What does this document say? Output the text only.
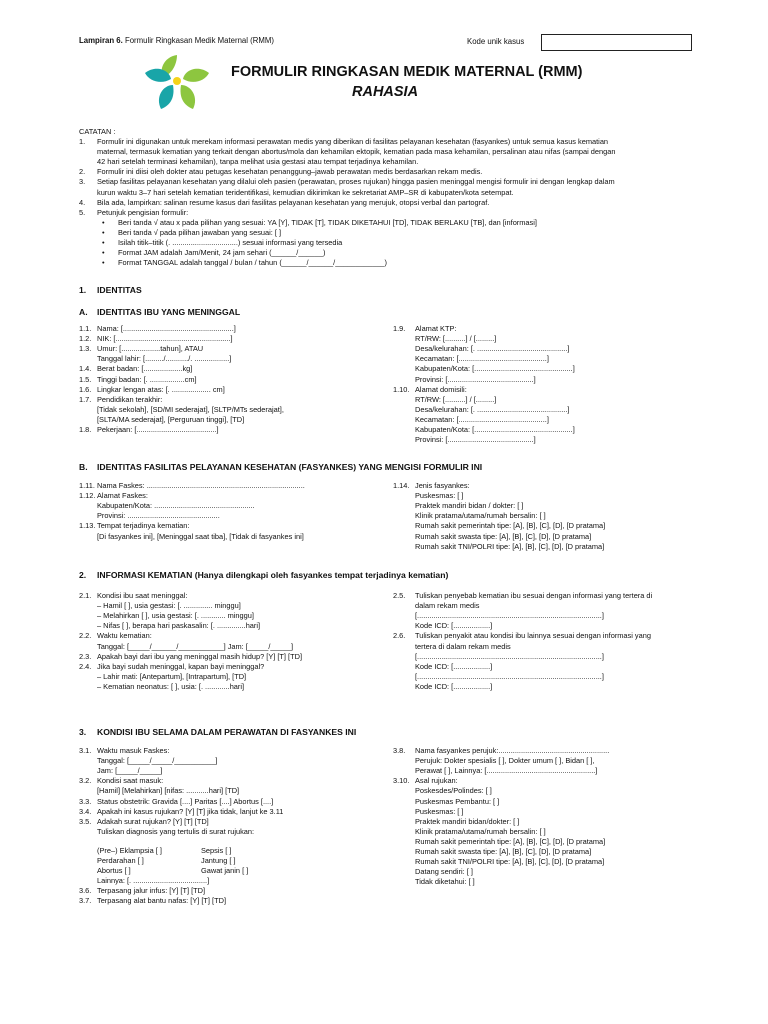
Lampiran 6. Formulir Ringkasan Medik Maternal (RMM)	Kode unik kasus
FORMULIR RINGKASAN MEDIK MATERNAL (RMM)
RAHASIA
CATATAN :
1. Formulir ini digunakan untuk merekam informasi perawatan medis yang diberikan di fasilitas pelayanan kesehatan (fasyankes) untuk semua kasus kematian
maternal, termasuk kematian yang terkait dengan abortus/mola dan kehamilan ektopik, kematian pada masa kehamilan, persalinan atau nifas (sampai dengan
42 hari setelah terminasi kehamilan), tanpa melihat usia gestasi atau tempat terjadinya kehamilan.
2. Formulir ini diisi oleh dokter atau petugas kesehatan penanggung–jawab perawatan medis berdasarkan rekam medis.
3. Setiap fasilitas pelayanan kesehatan yang dilalui oleh pasien (perawatan, proses rujukan) hingga pasien meninggal mengisi formulir ini dengan lengkap dalam
kurun waktu 3–7 hari setelah kematian teridentifikasi, kemudian dikirimkan ke sekretariat AMP–SR di kabupaten/kota setempat.
4. Bila ada, lampirkan: salinan resume kasus dari fasilitas pelayanan kesehatan yang merujuk, otopsi verbal dan partograf.
5. Petunjuk pengisian formulir:
• Beri tanda √ atau x pada pilihan yang sesuai: YA [Y], TIDAK [T], TIDAK DIKETAHUI [TD], TIDAK BERLAKU [TB], dan [informasi]
• Beri tanda √ pada pilihan jawaban yang sesuai: [ ]
• Isilah titik–titik (. ................................) sesuai informasi yang tersedia
• Format JAM adalah Jam/Menit, 24 jam sehari (______/______)
• Format TANGGAL adalah tanggal / bulan / tahun (______/______/____________)
1. IDENTITAS
A. IDENTITAS IBU YANG MENINGGAL
1.1. Nama: [......................................................]
1.2. NIK: [........................................................]
1.3. Umur: [...................tahun], ATAU
Tanggal lahir: [........./.........../. .................]
1.4. Berat badan: [...................kg]
1.5. Tinggi badan: [. .................cm]
1.6. Lingkar lengan atas: [. ................... cm]
1.7. Pendidikan terakhir:
[Tidak sekolah], [SD/MI sederajat], [SLTP/MTs sederajat],
[SLTA/MA sederajat], [Perguruan tinggi], [TD]
1.8. Pekerjaan: [.......................................]
1.9. Alamat KTP:
RT/RW: [..........] / [.........]
Desa/kelurahan: [. ............................................]
Kecamatan: [...........................................]
Kabupaten/Kota: [................................................]
Provinsi: [..........................................]
1.10. Alamat domisili:
RT/RW: [..........] / [.........]
Desa/kelurahan: [. ............................................]
Kecamatan: [...........................................]
Kabupaten/Kota: [................................................]
Provinsi: [..........................................]
B. IDENTITAS FASILITAS PELAYANAN KESEHATAN (FASYANKES) YANG MENGISI FORMULIR INI
1.11. Nama Faskes: .............................................................................
1.12. Alamat Faskes:
Kabupaten/Kota: .................................................
Provinsi: .............................................
1.13. Tempat terjadinya kematian:
[Di fasyankes ini], [Meninggal saat tiba], [Tidak di fasyankes ini]
1.14. Jenis fasyankes:
Puskesmas: [ ]
Praktek mandiri bidan / dokter: [ ]
Klinik pratama/utama/rumah bersalin: [ ]
Rumah sakit pemerintah tipe: [A], [B], [C], [D], [D pratama]
Rumah sakit swasta tipe: [A], [B], [C], [D], [D pratama]
Rumah sakit TNI/POLRI tipe: [A], [B], [C], [D], [D pratama]
2. INFORMASI KEMATIAN (Hanya dilengkapi oleh fasyankes tempat terjadinya kematian)
2.1. Kondisi ibu saat meninggal:
– Hamil [ ], usia gestasi: [. .............. minggu]
– Melahirkan [ ], usia gestasi: [. ............ minggu]
– Nifas [ ], berapa hari paskasalin: [. ..............hari]
2.2. Waktu kematian:
Tanggal: [_____/______/___________] Jam: [_____/_____]
2.3. Apakah bayi dari ibu yang meninggal masih hidup? [Y] [T] [TD]
2.4. Jika bayi sudah meninggal, kapan bayi meninggal?
– Lahir mati: [Antepartum], [Intrapartum], [TD]
– Kematian neonatus: [ ], usia: [. ............hari]
2.5. Tuliskan penyebab kematian ibu sesuai dengan informasi yang tertera di
dalam rekam medis
[..........................................................................................]
Kode ICD: [..................]
2.6. Tuliskan penyakit atau kondisi ibu lainnya sesuai dengan informasi yang
tertera di dalam rekam medis
[..........................................................................................]
Kode ICD: [..................]
[..........................................................................................]
Kode ICD: [..................]
3. KONDISI IBU SELAMA DALAM PERAWATAN DI FASYANKES INI
3.1. Waktu masuk Faskes:
Tanggal: [_____/_____/__________]
Jam: [_____/_____]
3.2. Kondisi saat masuk:
[Hamil] [Melahirkan] [nifas: ...........hari] [TD]
3.3. Status obstetrik: Gravida [....] Paritas [....] Abortus [....]
3.4. Apakah ini kasus rujukan? [Y] [T] jika tidak, lanjut ke 3.11
3.5. Adakah surat rujukan? [Y] [T] [TD]
Tuliskan diagnosis yang tertulis di surat rujukan:
(Pre–) Eklampsia [ ]	Sepsis [ ]
Perdarahan [ ]	Jantung [ ]
Abortus [ ]	Gawat janin [ ]
Lainnya: [. ....................................]
3.6. Terpasang jalur infus: [Y] [T] [TD]
3.7. Terpasang alat bantu nafas: [Y] [T] [TD]
3.8. Nama fasyankes perujuk:......................................................
Perujuk: Dokter spesialis [ ], Dokter umum [ ], Bidan [ ],
Perawat [ ], Lainnya: [.....................................................]
3.10. Asal rujukan:
Poskesdes/Polindes: [ ]
Puskesmas Pembantu: [ ]
Puskesmas: [ ]
Praktek mandiri bidan/dokter: [ ]
Klinik pratama/utama/rumah bersalin: [ ]
Rumah sakit pemerintah tipe: [A], [B], [C], [D], [D pratama]
Rumah sakit swasta tipe: [A], [B], [C], [D], [D pratama]
Rumah sakit TNI/POLRI tipe: [A], [B], [C], [D], [D pratama]
Datang sendiri: [ ]
Tidak diketahui: [ ]
